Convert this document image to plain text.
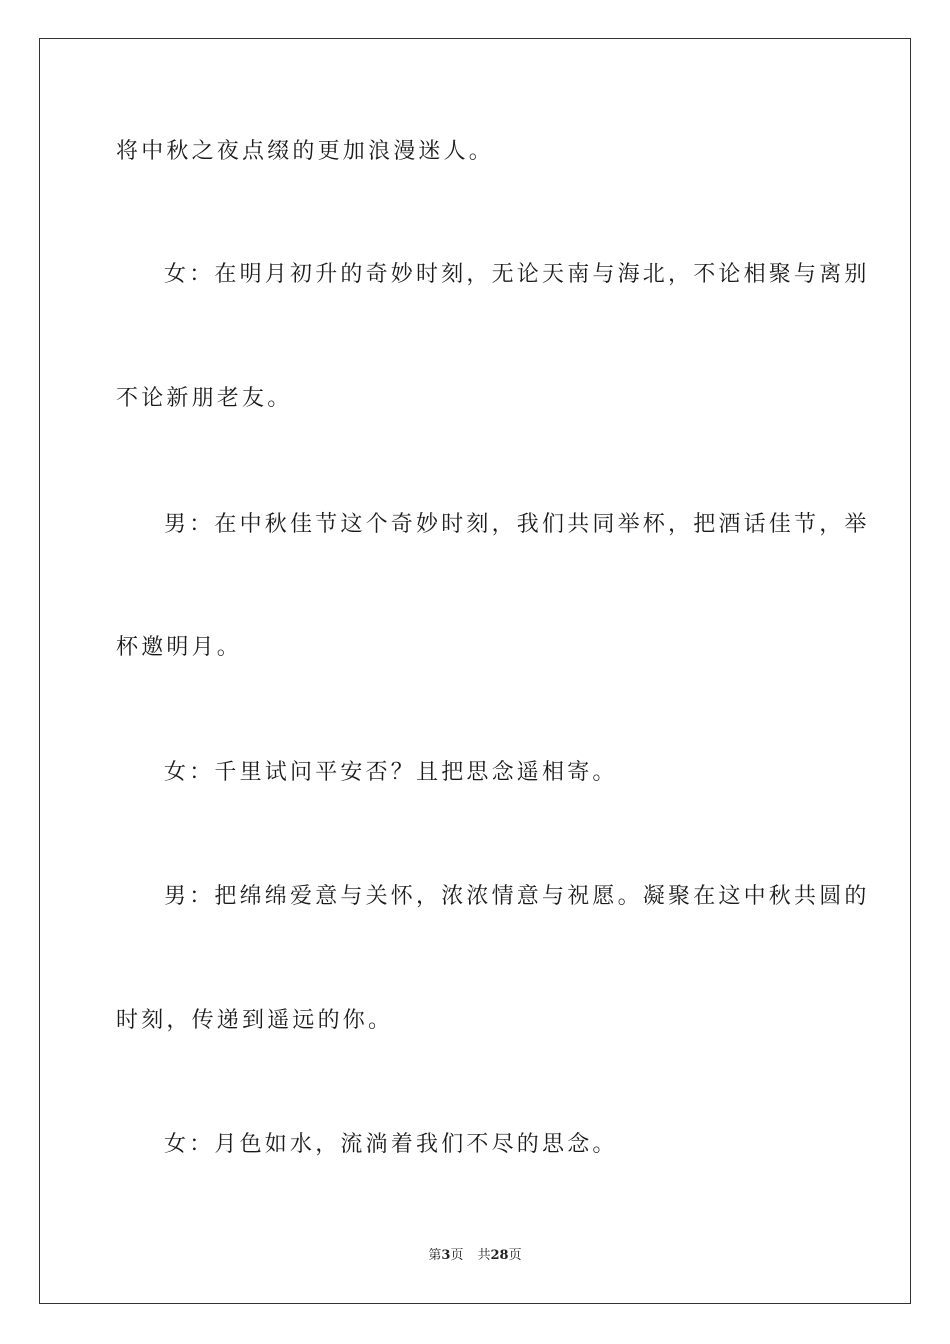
将中秋之夜点缀的更加浪漫迷人。
女：在明月初升的奇妙时刻，无论天南与海北，不论相聚与离别
不论新朋老友。
男：在中秋佳节这个奇妙时刻，我们共同举杯，把酒话佳节，举
杯邀明月。
女：千里试问平安否？且把思念遥相寄。
男：把绵绵爱意与关怀，浓浓情意与祝愿。凝聚在这中秋共圆的
时刻，传递到遥远的你。
女：月色如水，流淌着我们不尽的思念。
第3页 共28页
